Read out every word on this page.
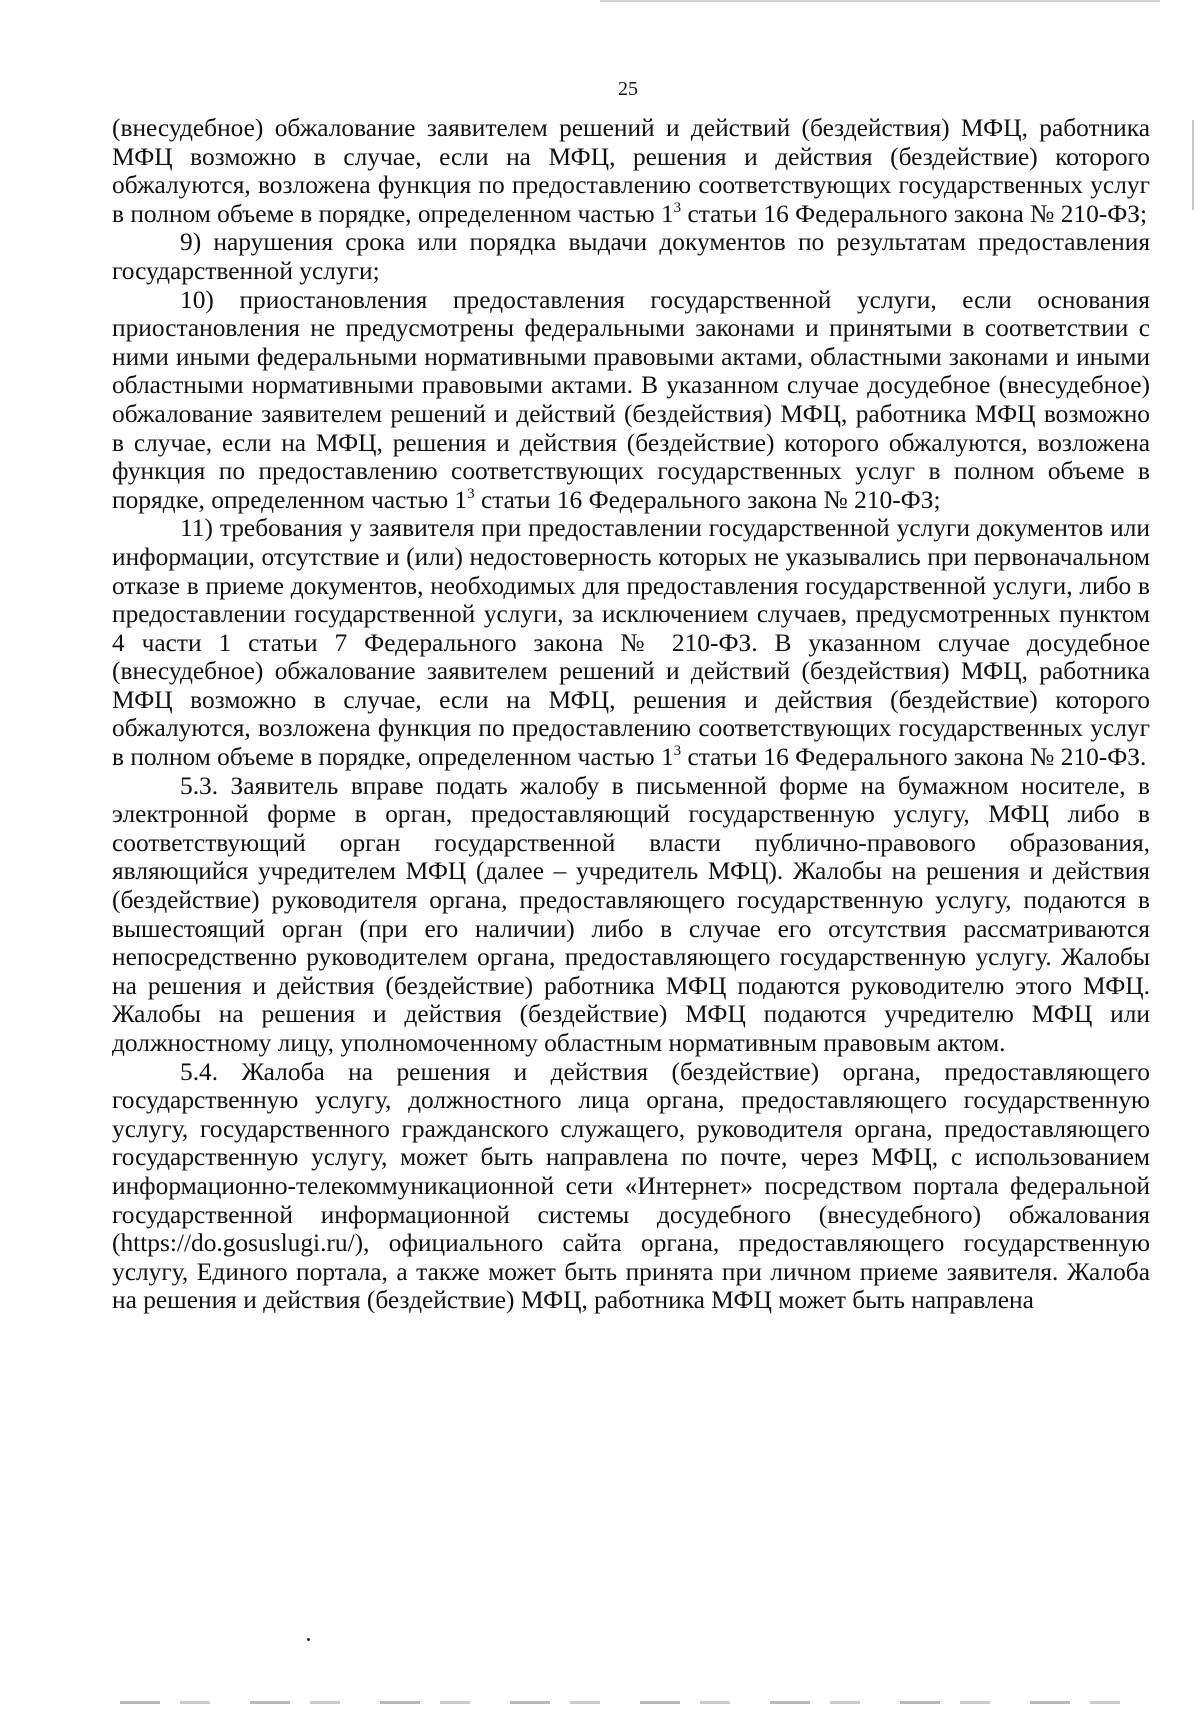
25

(внесудебное) обжалование заявителем решений и действий (бездействия) МФЦ, работника МФЦ возможно в случае, если на МФЦ, решения и действия (бездействие) которого обжалуются, возложена функция по предоставлению соответствующих государственных услуг в полном объеме в порядке, определенном частью $1^3$ статьи 16 Федерального закона № 210-ФЗ;

9) нарушения срока или порядка выдачи документов по результатам предоставления государственной услуги;

10) приостановления предоставления государственной услуги, если основания приостановления не предусмотрены федеральными законами и принятыми в соответствии с ними иными федеральными нормативными правовыми актами, областными законами и иными областными нормативными правовыми актами. В указанном случае досудебное (внесудебное) обжалование заявителем решений и действий (бездействия) МФЦ, работника МФЦ возможно в случае, если на МФЦ, решения и действия (бездействие) которого обжалуются, возложена функция по предоставлению соответствующих государственных услуг в полном объеме в порядке, определенном частью $1^3$ статьи 16 Федерального закона № 210-ФЗ;

11) требования у заявителя при предоставлении государственной услуги документов или информации, отсутствие и (или) недостоверность которых не указывались при первоначальном отказе в приеме документов, необходимых для предоставления государственной услуги, либо в предоставлении государственной услуги, за исключением случаев, предусмотренных пунктом 4 части 1 статьи 7 Федерального закона № 210-ФЗ. В указанном случае досудебное (внесудебное) обжалование заявителем решений и действий (бездействия) МФЦ, работника МФЦ возможно в случае, если на МФЦ, решения и действия (бездействие) которого обжалуются, возложена функция по предоставлению соответствующих государственных услуг в полном объеме в порядке, определенном частью $1^3$ статьи 16 Федерального закона № 210-ФЗ.

5.3. Заявитель вправе подать жалобу в письменной форме на бумажном носителе, в электронной форме в орган, предоставляющий государственную услугу, МФЦ либо в соответствующий орган государственной власти публично-правового образования, являющийся учредителем МФЦ (далее – учредитель МФЦ). Жалобы на решения и действия (бездействие) руководителя органа, предоставляющего государственную услугу, подаются в вышестоящий орган (при его наличии) либо в случае его отсутствия рассматриваются непосредственно руководителем органа, предоставляющего государственную услугу. Жалобы на решения и действия (бездействие) работника МФЦ подаются руководителю этого МФЦ. Жалобы на решения и действия (бездействие) МФЦ подаются учредителю МФЦ или должностному лицу, уполномоченному областным нормативным правовым актом.

5.4. Жалоба на решения и действия (бездействие) органа, предоставляющего государственную услугу, должностного лица органа, предоставляющего государственную услугу, государственного гражданского служащего, руководителя органа, предоставляющего государственную услугу, может быть направлена по почте, через МФЦ, с использованием информационно-телекоммуникационной сети «Интернет» посредством портала федеральной государственной информационной системы досудебного (внесудебного) обжалования (https://do.gosuslugi.ru/), официального сайта органа, предоставляющего государственную услугу, Единого портала, а также может быть принята при личном приеме заявителя. Жалоба на решения и действия (бездействие) МФЦ, работника МФЦ может быть направлена
